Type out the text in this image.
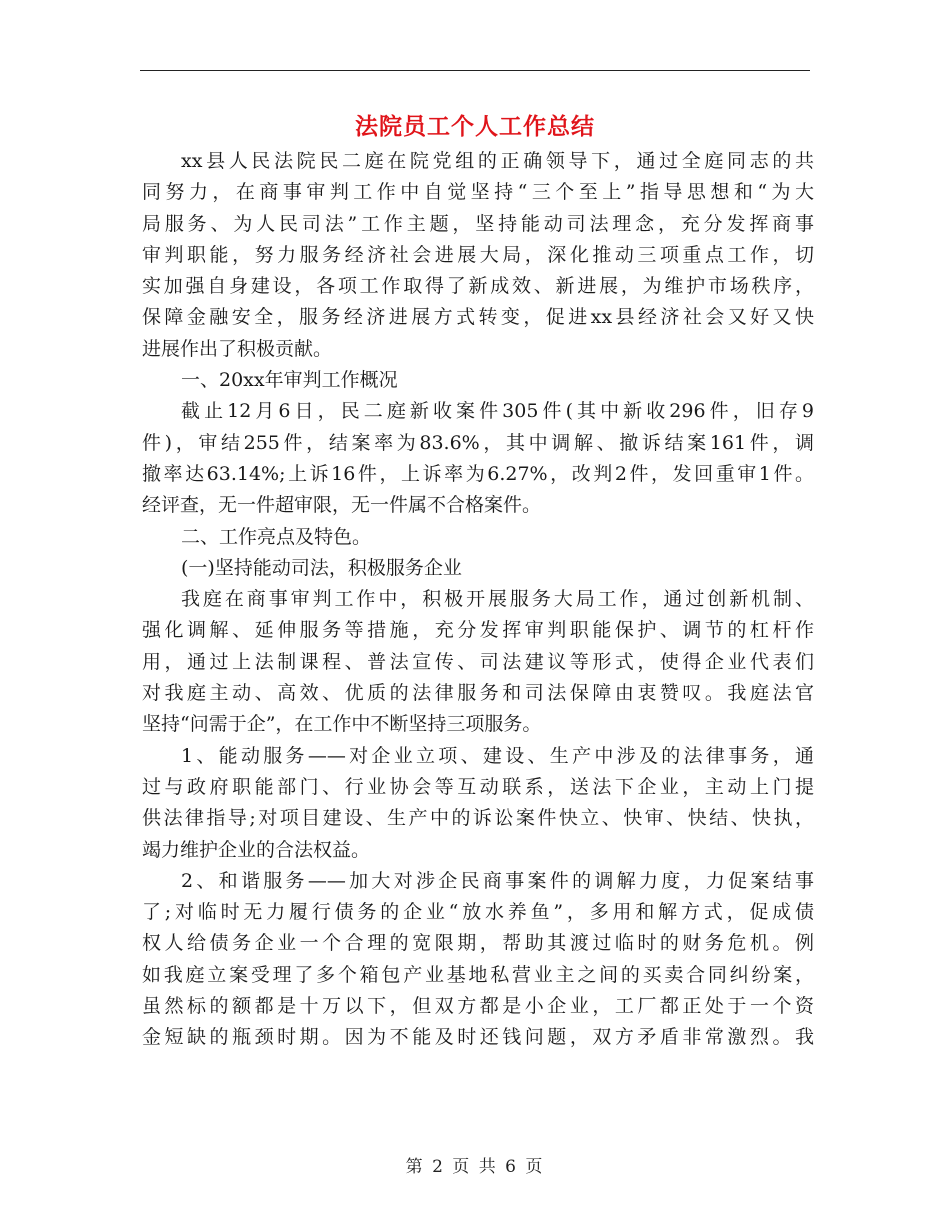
法院员工个人工作总结
xx县人民法院民二庭在院党组的正确领导下，通过全庭同志的共
同努力，在商事审判工作中自觉坚持“三个至上”指导思想和“为大
局服务、为人民司法”工作主题，坚持能动司法理念，充分发挥商事
审判职能，努力服务经济社会进展大局，深化推动三项重点工作，切
实加强自身建设，各项工作取得了新成效、新进展，为维护市场秩序，
保障金融安全，服务经济进展方式转变，促进xx县经济社会又好又快
进展作出了积极贡献。
一、20xx年审判工作概况
截止12月6日，民二庭新收案件305件(其中新收296件，旧存9
件)，审结255件，结案率为83.6%，其中调解、撤诉结案161件，调
撤率达63.14%;上诉16件，上诉率为6.27%，改判2件，发回重审1件。
经评查，无一件超审限，无一件属不合格案件。
二、工作亮点及特色。
(一)坚持能动司法，积极服务企业
我庭在商事审判工作中，积极开展服务大局工作，通过创新机制、
强化调解、延伸服务等措施，充分发挥审判职能保护、调节的杠杆作
用，通过上法制课程、普法宣传、司法建议等形式，使得企业代表们
对我庭主动、高效、优质的法律服务和司法保障由衷赞叹。我庭法官
坚持“问需于企”，在工作中不断坚持三项服务。
1、能动服务——对企业立项、建设、生产中涉及的法律事务，通
过与政府职能部门、行业协会等互动联系，送法下企业，主动上门提
供法律指导;对项目建设、生产中的诉讼案件快立、快审、快结、快执，
竭力维护企业的合法权益。
2、和谐服务——加大对涉企民商事案件的调解力度，力促案结事
了;对临时无力履行债务的企业“放水养鱼”，多用和解方式，促成债
权人给债务企业一个合理的宽限期，帮助其渡过临时的财务危机。例
如我庭立案受理了多个箱包产业基地私营业主之间的买卖合同纠纷案，
虽然标的额都是十万以下，但双方都是小企业，工厂都正处于一个资
金短缺的瓶颈时期。因为不能及时还钱问题，双方矛盾非常激烈。我
第 2 页 共 6 页
